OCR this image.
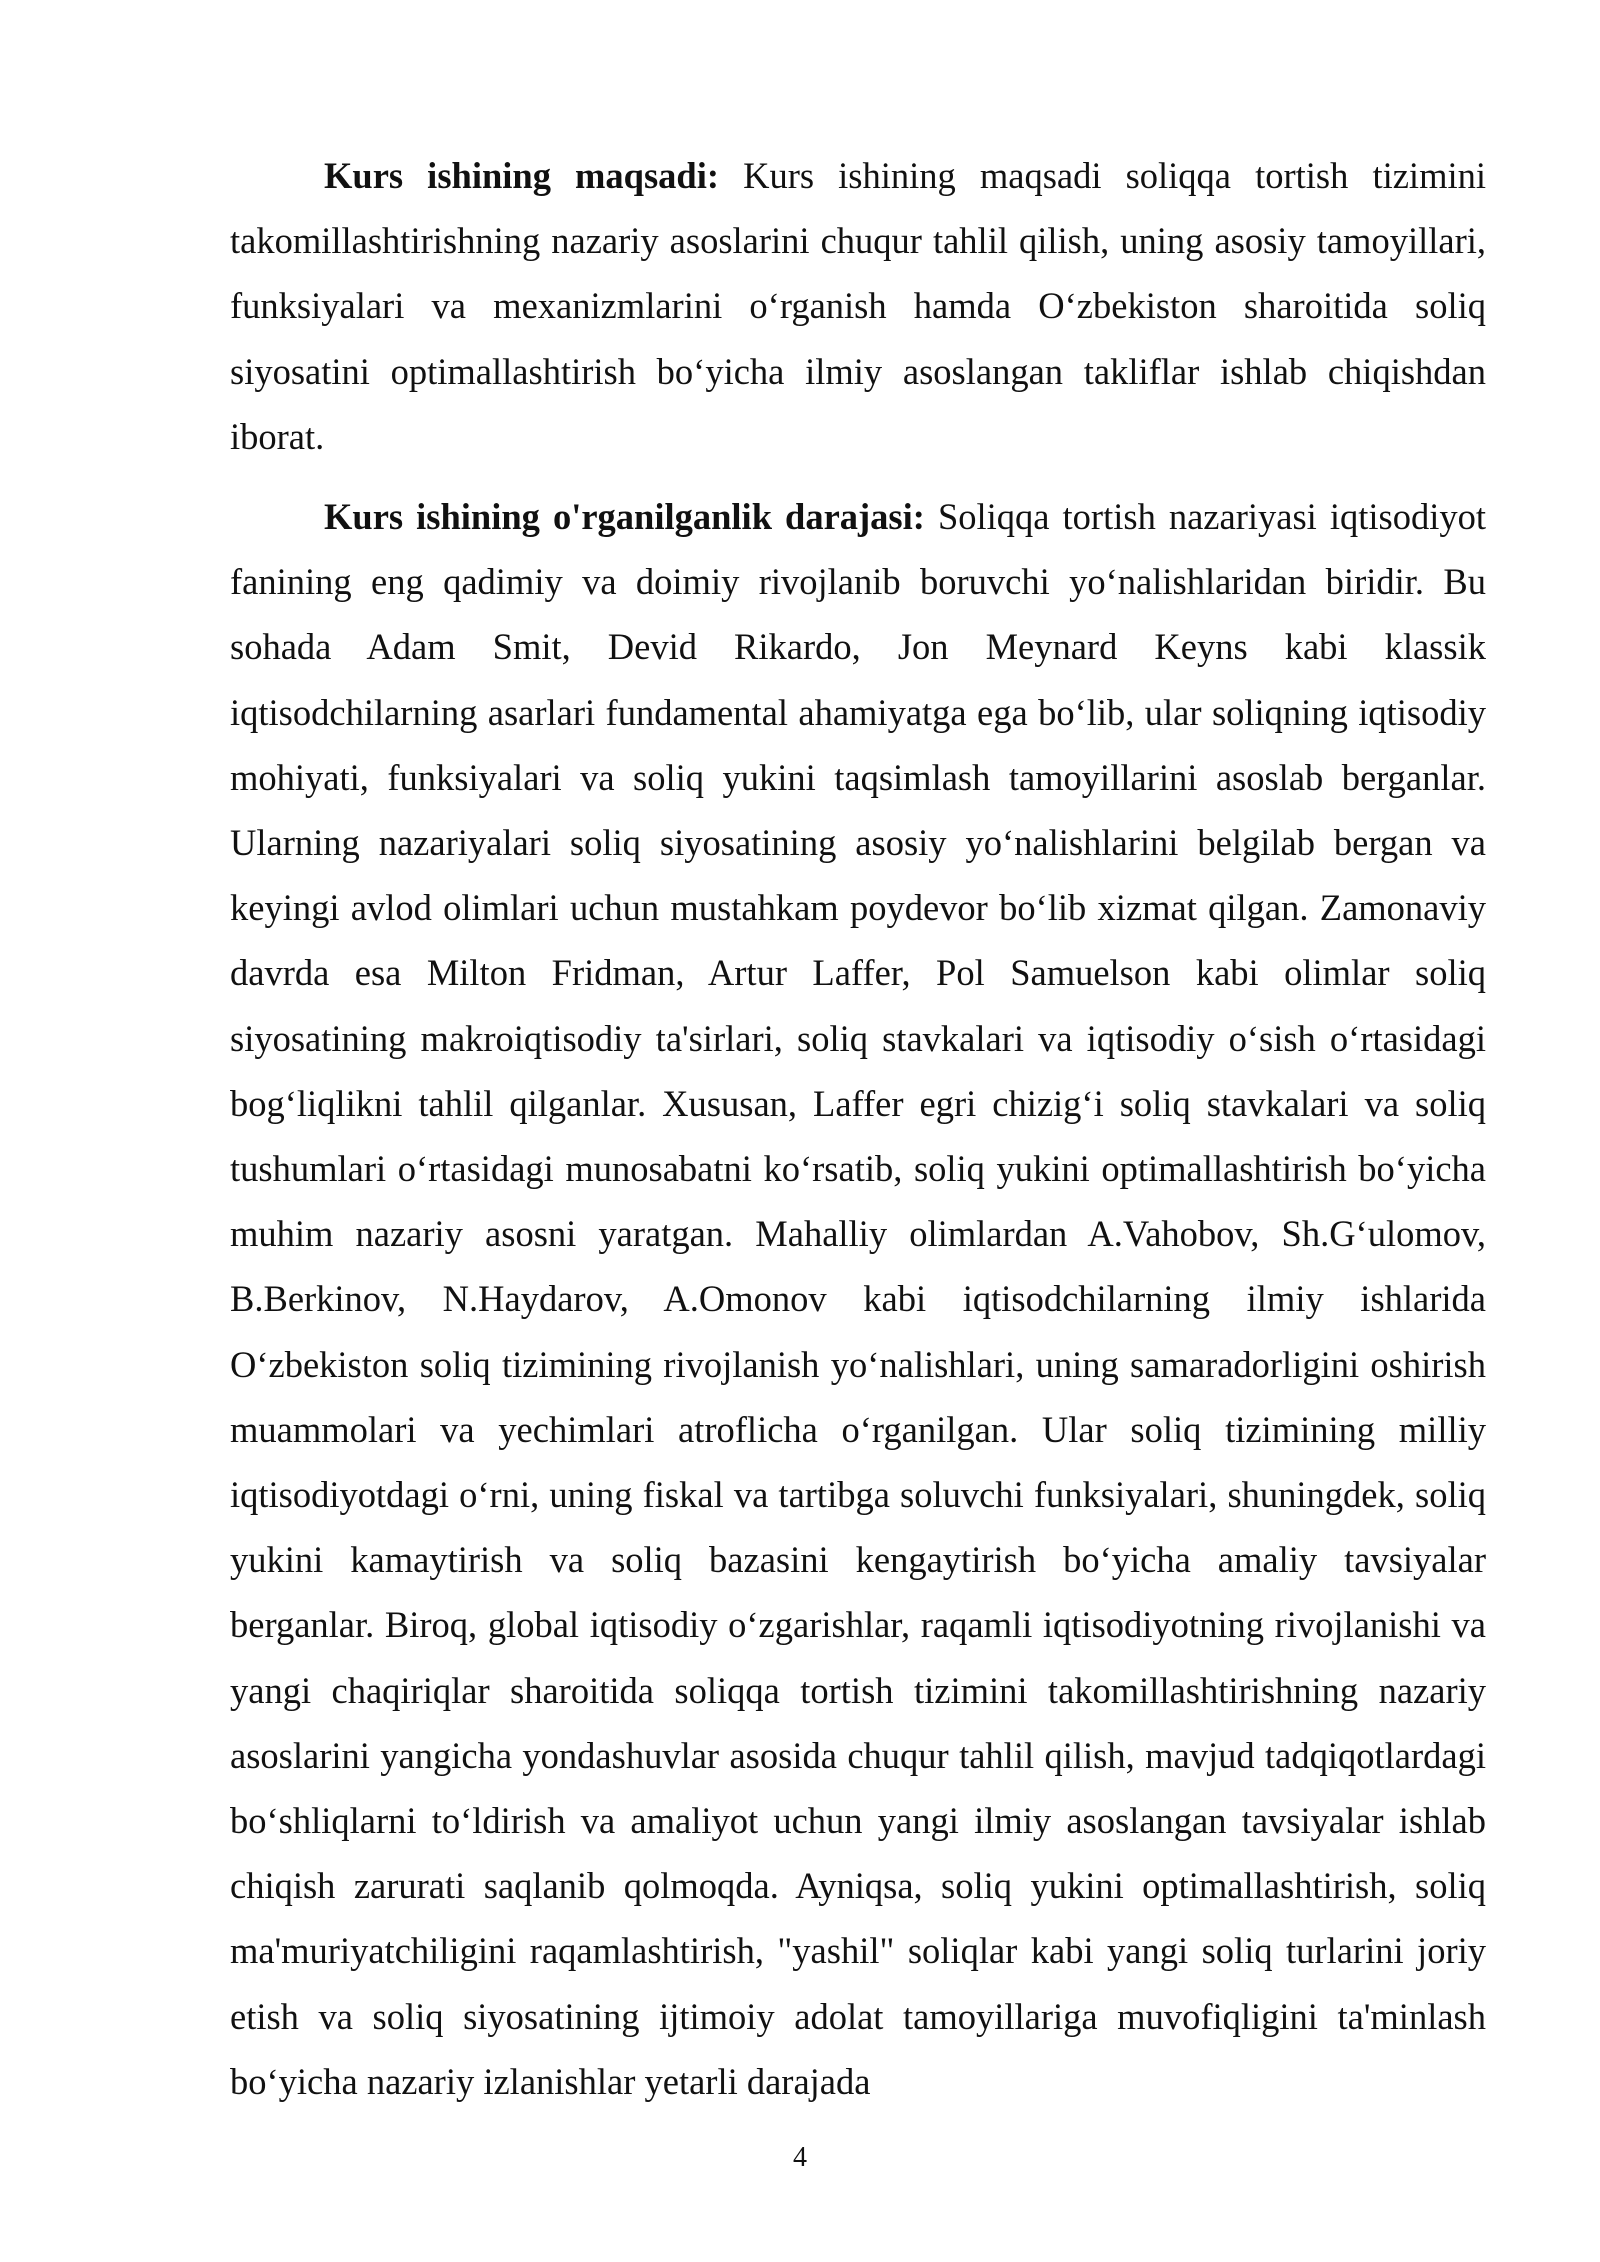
Kurs ishining maqsadi: Kurs ishining maqsadi soliqqa tortish tizimini takomillashtirishning nazariy asoslarini chuqur tahlil qilish, uning asosiy tamoyillari, funksiyalari va mexanizmlarini o‘rganish hamda O‘zbekiston sharoitida soliq siyosatini optimallashtirish bo‘yicha ilmiy asoslangan takliflar ishlab chiqishdan iborat.

Kurs ishining o'rganilganlik darajasi: Soliqqa tortish nazariyasi iqtisodiyot fanining eng qadimiy va doimiy rivojlanib boruvchi yo‘nalishlaridan biridir. Bu sohada Adam Smit, Devid Rikardo, Jon Meynard Keyns kabi klassik iqtisodchilarning asarlari fundamental ahamiyatga ega bo‘lib, ular soliqning iqtisodiy mohiyati, funksiyalari va soliq yukini taqsimlash tamoyillarini asoslab berganlar. Ularning nazariyalari soliq siyosatining asosiy yo‘nalishlarini belgilab bergan va keyingi avlod olimlari uchun mustahkam poydevor bo‘lib xizmat qilgan. Zamonaviy davrda esa Milton Fridman, Artur Laffer, Pol Samuelson kabi olimlar soliq siyosatining makroiqtisodiy ta'sirlari, soliq stavkalari va iqtisodiy o‘sish o‘rtasidagi bog‘liqlikni tahlil qilganlar. Xususan, Laffer egri chizig‘i soliq stavkalari va soliq tushumlari o‘rtasidagi munosabatni ko‘rsatib, soliq yukini optimallashtirish bo‘yicha muhim nazariy asosni yaratgan. Mahalliy olimlardan A.Vahobov, Sh.G‘ulomov, B.Berkinov, N.Haydarov, A.Omonov kabi iqtisodchilarning ilmiy ishlarida O‘zbekiston soliq tizimining rivojlanish yo‘nalishlari, uning samaradorligini oshirish muammolari va yechimlari atroflicha o‘rganilgan. Ular soliq tizimining milliy iqtisodiyotdagi o‘rni, uning fiskal va tartibga soluvchi funksiyalari, shuningdek, soliq yukini kamaytirish va soliq bazasini kengaytirish bo‘yicha amaliy tavsiyalar berganlar. Biroq, global iqtisodiy o‘zgarishlar, raqamli iqtisodiyotning rivojlanishi va yangi chaqiriqlar sharoitida soliqqa tortish tizimini takomillashtirishning nazariy asoslarini yangicha yondashuvlar asosida chuqur tahlil qilish, mavjud tadqiqotlardagi bo‘shliqlarni to‘ldirish va amaliyot uchun yangi ilmiy asoslangan tavsiyalar ishlab chiqish zarurati saqlanib qolmoqda. Ayniqsa, soliq yukini optimallashtirish, soliq ma'muriyatchiligini raqamlashtirish, "yashil" soliqlar kabi yangi soliq turlarini joriy etish va soliq siyosatining ijtimoiy adolat tamoyillariga muvofiqligini ta'minlash bo‘yicha nazariy izlanishlar yetarli darajada

4
